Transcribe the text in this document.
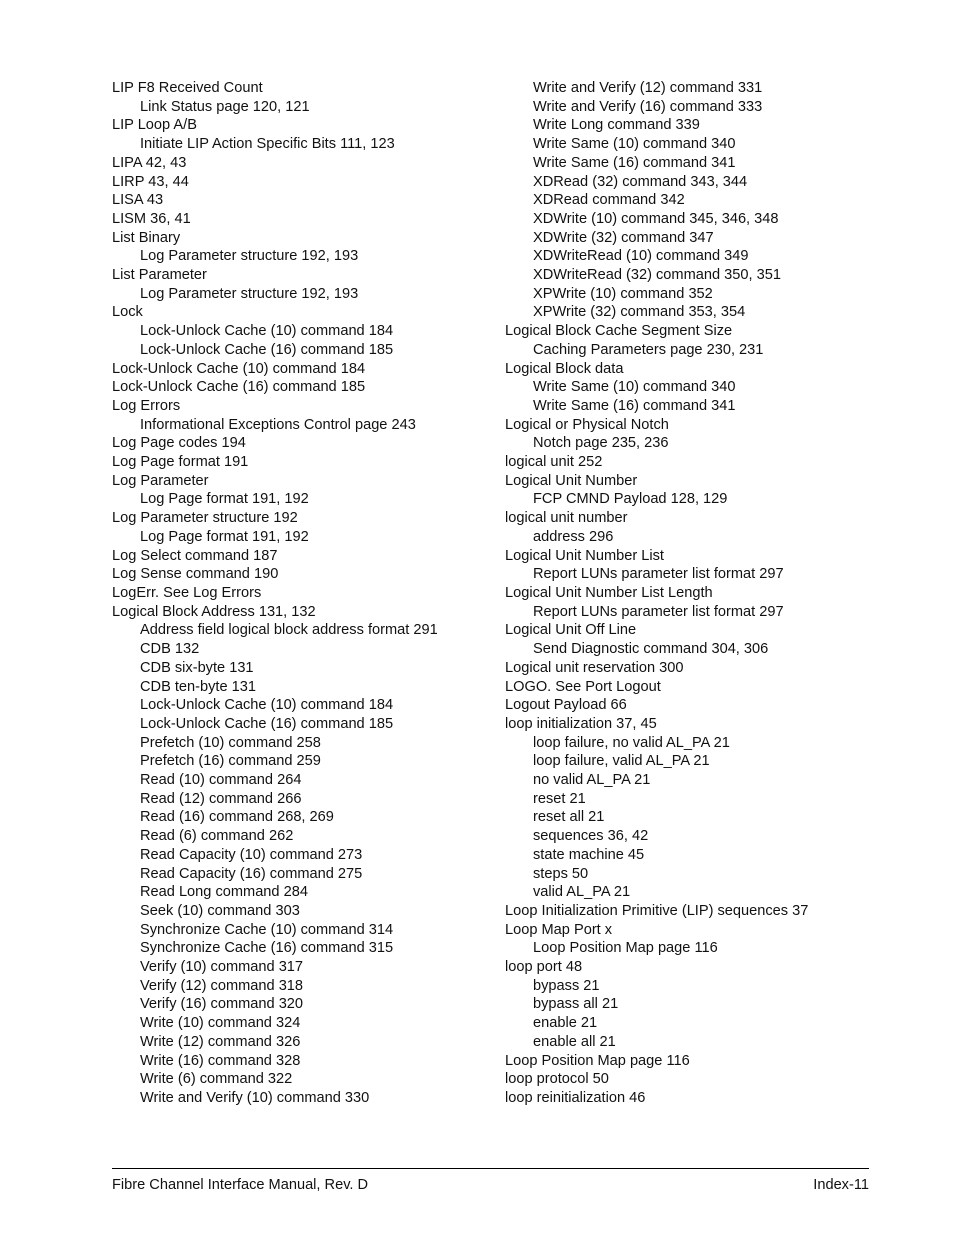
LIP F8 Received Count
Link Status page 120, 121
LIP Loop A/B
Initiate LIP Action Specific Bits 111, 123
LIPA 42, 43
LIRP 43, 44
LISA 43
LISM 36, 41
List Binary
Log Parameter structure 192, 193
List Parameter
Log Parameter structure 192, 193
Lock
Lock-Unlock Cache (10) command 184
Lock-Unlock Cache (16) command 185
Lock-Unlock Cache (10) command 184
Lock-Unlock Cache (16) command 185
Log Errors
Informational Exceptions Control page 243
Log Page codes 194
Log Page format 191
Log Parameter
Log Page format 191, 192
Log Parameter structure 192
Log Page format 191, 192
Log Select command 187
Log Sense command 190
LogErr. See Log Errors
Logical Block Address 131, 132
Address field logical block address format 291
CDB 132
CDB six-byte 131
CDB ten-byte 131
Lock-Unlock Cache (10) command 184
Lock-Unlock Cache (16) command 185
Prefetch (10) command 258
Prefetch (16) command 259
Read (10) command 264
Read (12) command 266
Read (16) command 268, 269
Read (6) command 262
Read Capacity (10) command 273
Read Capacity (16) command 275
Read Long command 284
Seek (10) command 303
Synchronize Cache (10) command 314
Synchronize Cache (16) command 315
Verify (10) command 317
Verify (12) command 318
Verify (16) command 320
Write (10) command 324
Write (12) command 326
Write (16) command 328
Write (6) command 322
Write and Verify (10) command 330
Write and Verify (12) command 331
Write and Verify (16) command 333
Write Long command 339
Write Same (10) command 340
Write Same (16) command 341
XDRead (32) command 343, 344
XDRead command 342
XDWrite (10) command 345, 346, 348
XDWrite (32) command 347
XDWriteRead (10) command 349
XDWriteRead (32) command 350, 351
XPWrite (10) command 352
XPWrite (32) command 353, 354
Logical Block Cache Segment Size
Caching Parameters page 230, 231
Logical Block data
Write Same (10) command 340
Write Same (16) command 341
Logical or Physical Notch
Notch page 235, 236
logical unit 252
Logical Unit Number
FCP CMND Payload 128, 129
logical unit number
address 296
Logical Unit Number List
Report LUNs parameter list format 297
Logical Unit Number List Length
Report LUNs parameter list format 297
Logical Unit Off Line
Send Diagnostic command 304, 306
Logical unit reservation 300
LOGO. See Port Logout
Logout Payload 66
loop initialization 37, 45
loop failure, no valid AL_PA 21
loop failure, valid AL_PA 21
no valid AL_PA 21
reset 21
reset all 21
sequences 36, 42
state machine 45
steps 50
valid AL_PA 21
Loop Initialization Primitive (LIP) sequences 37
Loop Map Port x
Loop Position Map page 116
loop port 48
bypass 21
bypass all 21
enable 21
enable all 21
Loop Position Map page 116
loop protocol 50
loop reinitialization 46
Fibre Channel Interface Manual, Rev. D	Index-11
